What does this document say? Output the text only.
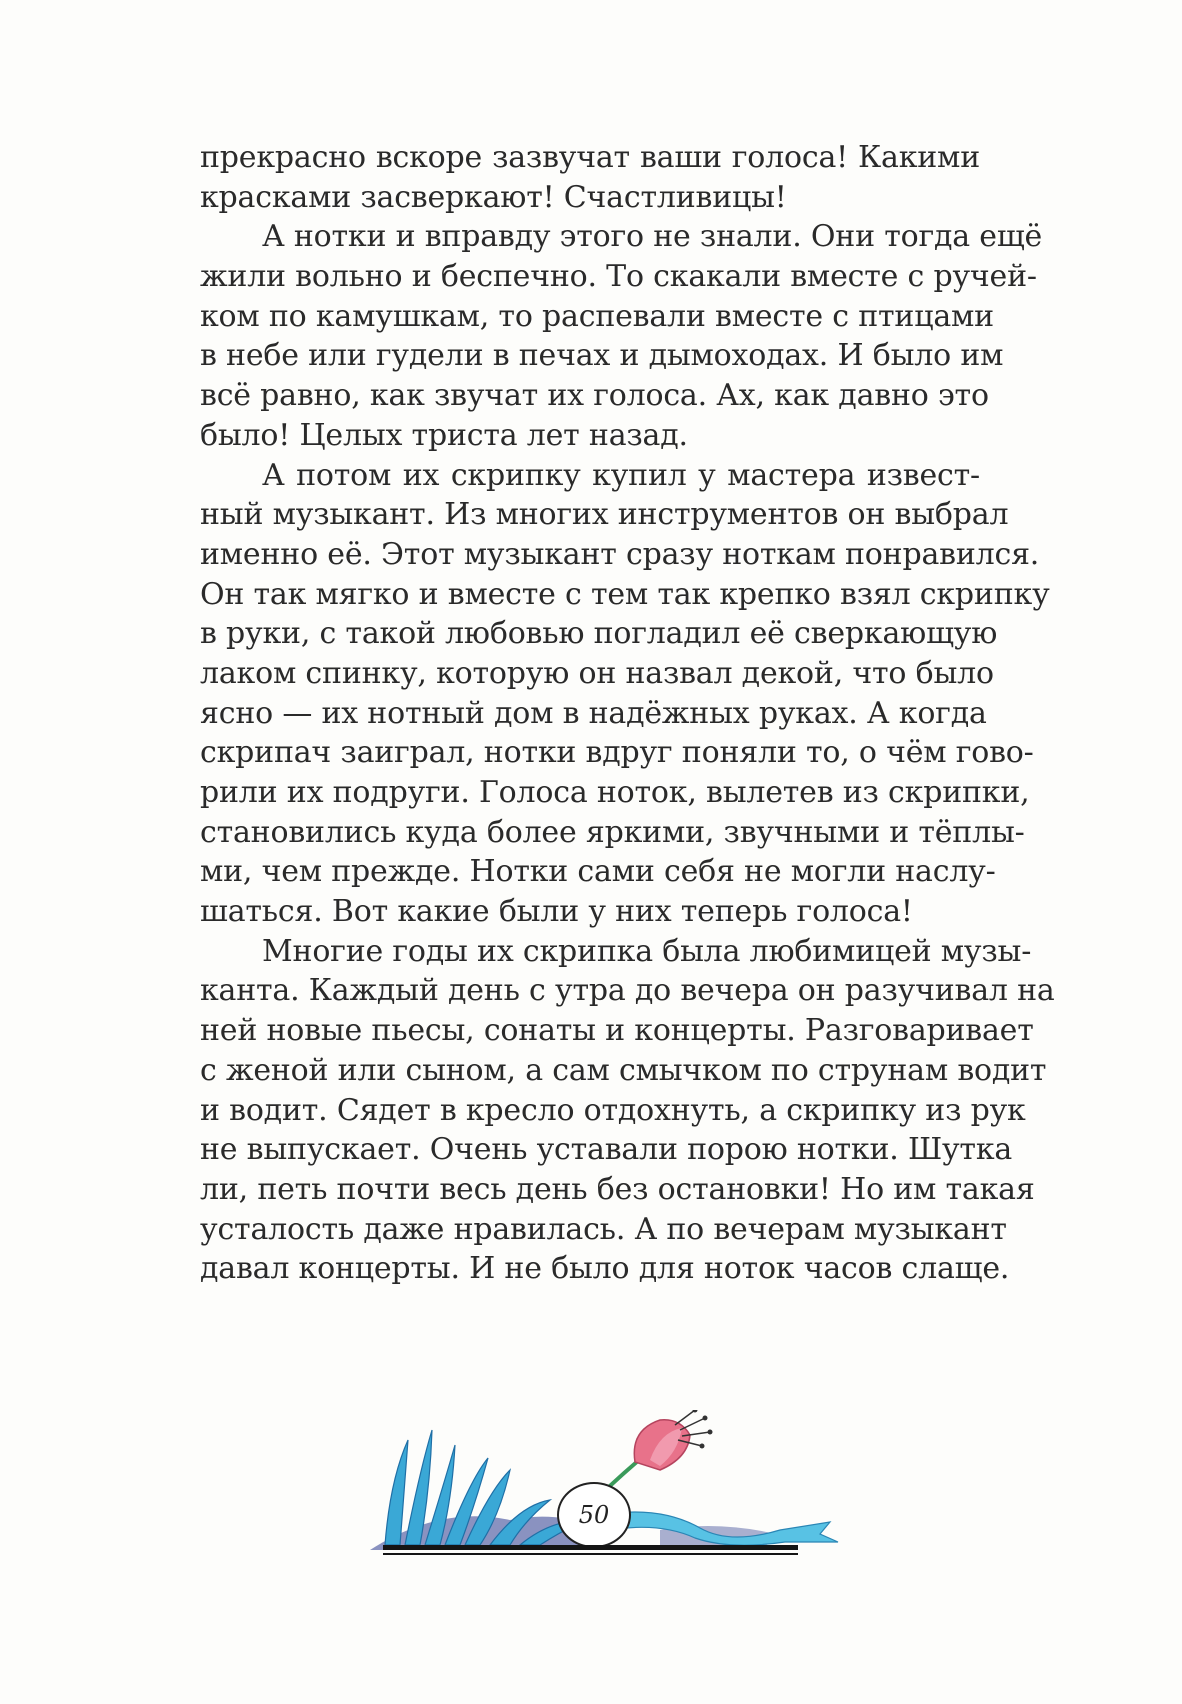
прекрасно вскоре зазвучат ваши голоса! Какими
красками засверкают! Счастливицы!
А нотки и вправду этого не знали. Они тогда ещё
жили вольно и беспечно. То скакали вместе с ручей-
ком по камушкам, то распевали вместе с птицами
в небе или гудели в печах и дымоходах. И было им
всё равно, как звучат их голоса. Ах, как давно это
было! Целых триста лет назад.
А потом их скрипку купил у мастера извест-
ный музыкант. Из многих инструментов он выбрал
именно её. Этот музыкант сразу ноткам понравился.
Он так мягко и вместе с тем так крепко взял скрипку
в руки, с такой любовью погладил её сверкающую
лаком спинку, которую он назвал декой, что было
ясно — их нотный дом в надёжных руках. А когда
скрипач заиграл, нотки вдруг поняли то, о чём гово-
рили их подруги. Голоса ноток, вылетев из скрипки,
становились куда более яркими, звучными и тёплы-
ми, чем прежде. Нотки сами себя не могли наслу-
шаться. Вот какие были у них теперь голоса!
Многие годы их скрипка была любимицей музы-
канта. Каждый день с утра до вечера он разучивал на
ней новые пьесы, сонаты и концерты. Разговаривает
с женой или сыном, а сам смычком по струнам водит
и водит. Сядет в кресло отдохнуть, а скрипку из рук
не выпускает. Очень уставали порою нотки. Шутка
ли, петь почти весь день без остановки! Но им такая
усталость даже нравилась. А по вечерам музыкант
давал концерты. И не было для ноток часов слаще.
50
